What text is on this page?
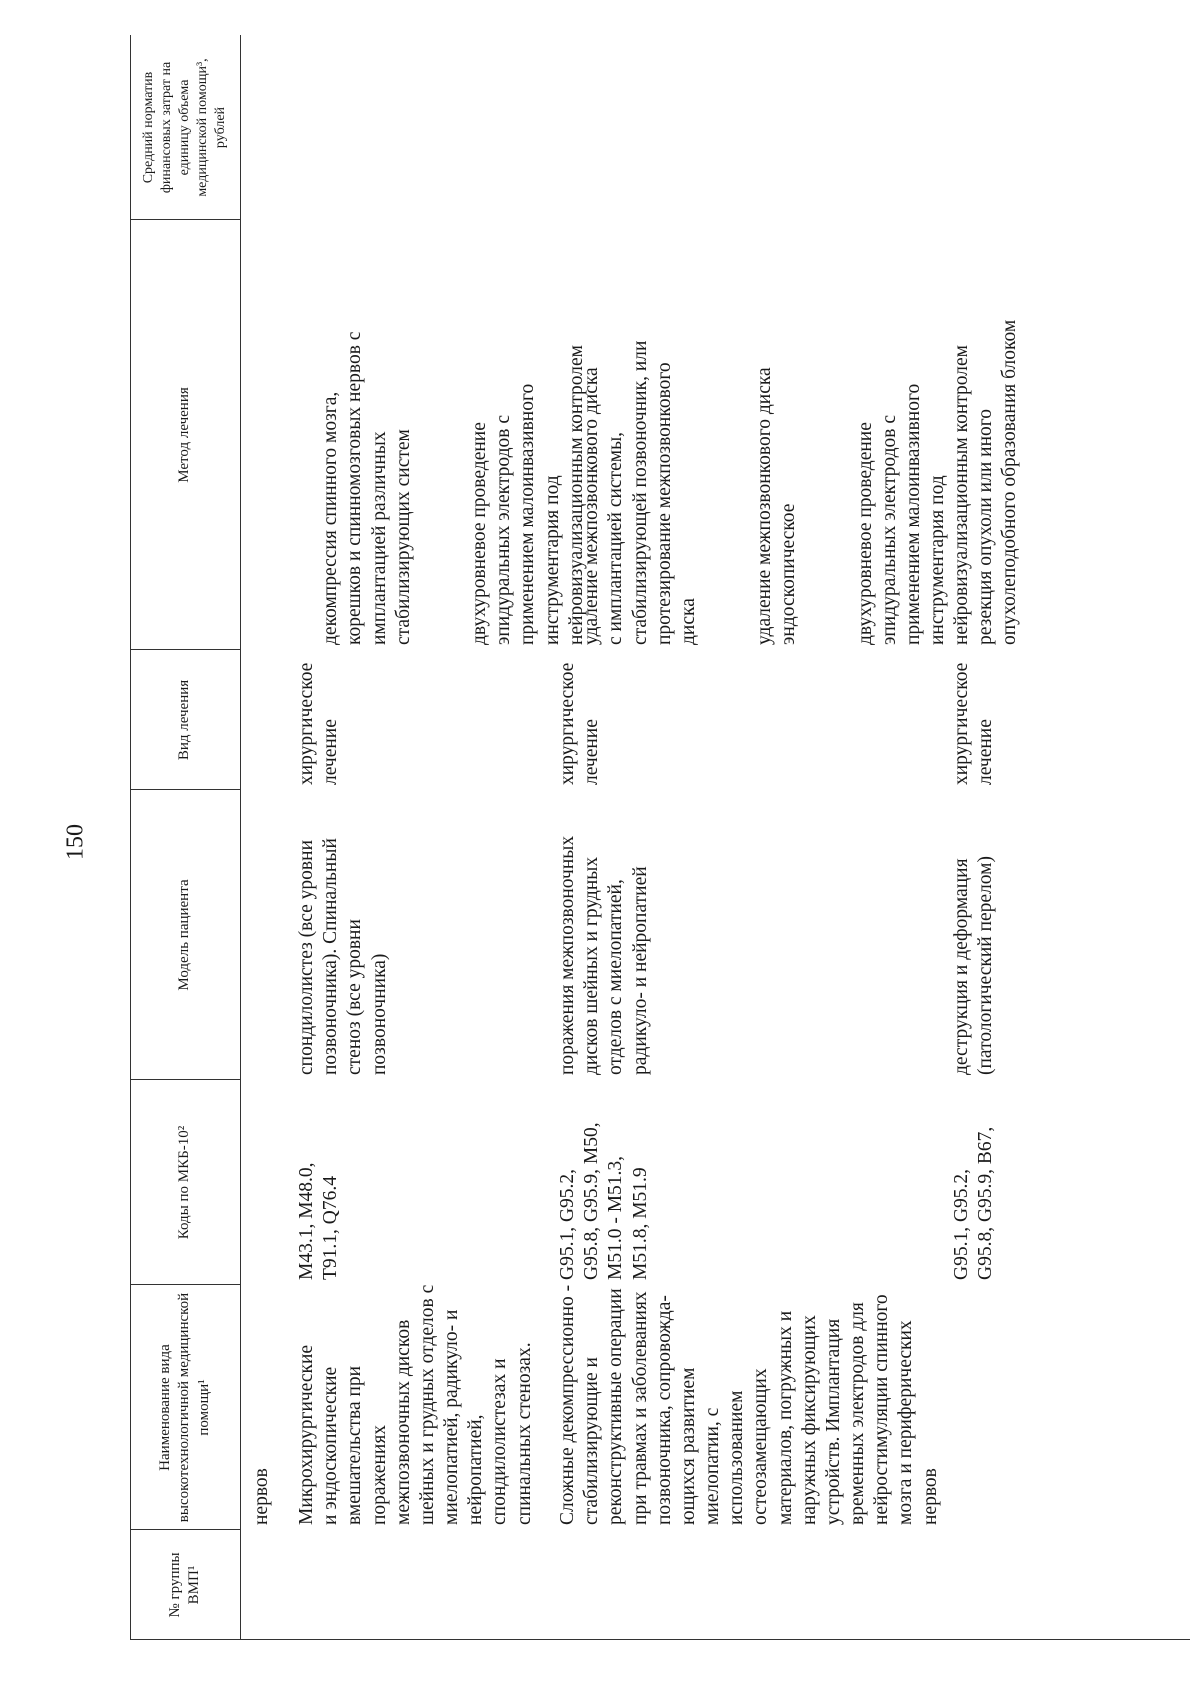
150
№ группы ВМП¹
Наименование вида высокотехнологичной медицинской помощи¹
Коды по МКБ-10²
Модель пациента
Вид лечения
Метод лечения
Средний норматив финансовых затрат на единицу объема медицинской помощи³, рублей
нервов Микрохирургические
и эндоскопические
вмешательства при
поражениях
межпозвоночных дисков
шейных и грудных отделов с
миелопатией, радикуло- и
нейропатией,
спондилолистезах и
спинальных стенозах.
M43.1, M48.0,
T91.1, Q76.4
спондилолистез (все уровни
позвоночника). Спинальный
стеноз (все уровни
позвоночника)
хирургическое
лечение

декомпрессия спинного мозга,
корешков и спинномозговых нервов с
имплантацией различных
стабилизирующих систем

двухуровневое проведение
эпидуральных электродов с
применением малоинвазивного
инструментария под
нейровизуализационным контролем

Сложные декомпрессионно -
стабилизирующие и
реконструктивные операции
при травмах и заболеваниях
позвоночника, сопровожда-
ющихся развитием
миелопатии, с
использованием
остеозамещающих
материалов, погружных и
наружных фиксирующих
устройств. Имплантация
временных электродов для
нейростимуляции спинного
мозга и периферических
нервов
G95.1, G95.2,
G95.8, G95.9, M50,
M51.0 - M51.3,
M51.8, M51.9
поражения межпозвоночных
дисков шейных и грудных
отделов с миелопатией,
радикуло- и нейропатией
хирургическое
лечение

удаление межпозвонкового диска
с имплантацией системы,
стабилизирующей позвоночник, или
протезирование межпозвонкового
диска	удаление межпозвонкового диска
эндоскопическое	двухуровневое проведение
эпидуральных электродов с
применением малоинвазивного
инструментария под
нейровизуализационным контролем

G95.1, G95.2,
G95.8, G95.9, B67,
деструкция и деформация
(патологический перелом)
хирургическое
лечение

резекция опухоли или иного
опухолеподобного образования блоком
